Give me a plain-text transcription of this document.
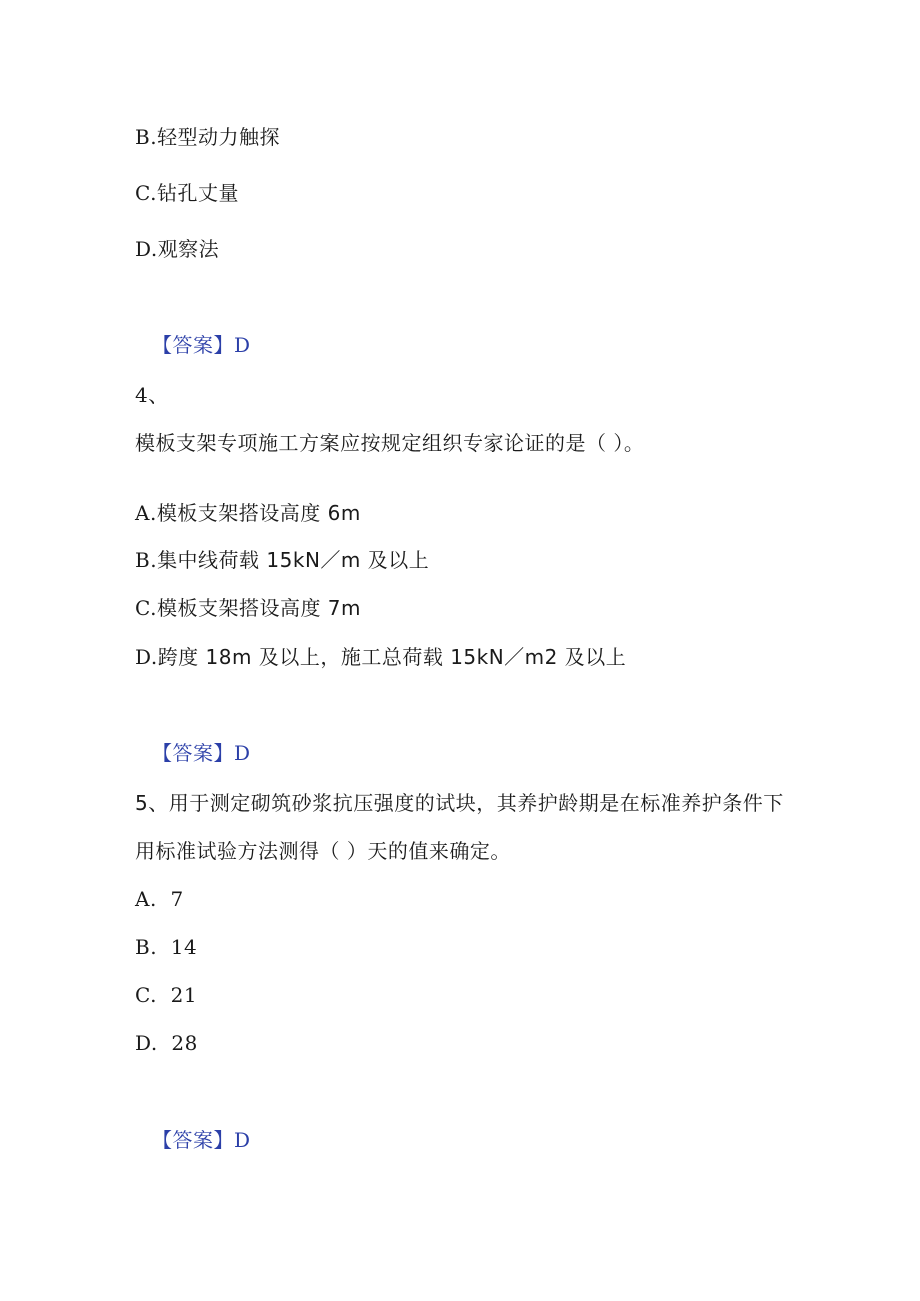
B.轻型动力触探
C.钻孔丈量
D.观察法
【答案】D
4、
模板支架专项施工方案应按规定组织专家论证的是（ ）。
A.模板支架搭设高度 6m
B.集中线荷载 15kN／m 及以上
C.模板支架搭设高度 7m
D.跨度 18m 及以上，施工总荷载 15kN／m2 及以上
【答案】D
5、用于测定砌筑砂浆抗压强度的试块，其养护龄期是在标准养护条件下
用标准试验方法测得（ ）天的值来确定。
A. 7
B. 14
C. 21
D. 28
【答案】D
